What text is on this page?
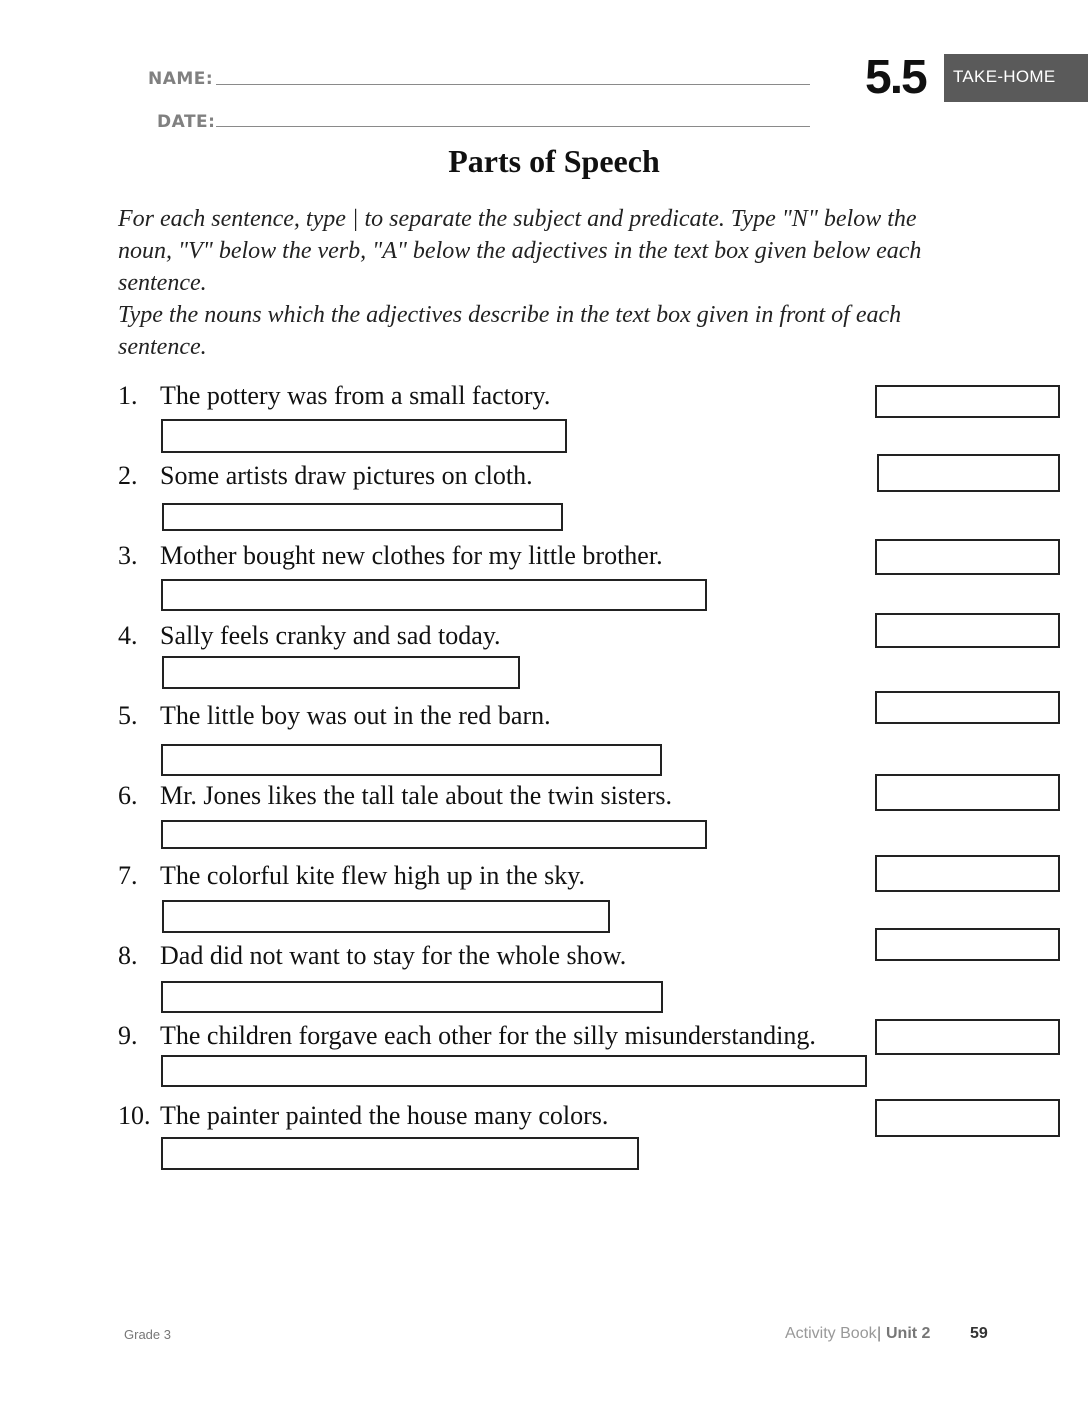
NAME:
DATE:
5.5 TAKE-HOME
Parts of Speech
For each sentence, type | to separate the subject and predicate. Type "N" below the
noun, "V" below the verb, "A" below the adjectives in the text box given below each
sentence.
Type the nouns which the adjectives describe in the text box given in front of each
sentence.
1. The pottery was from a small factory.
2. Some artists draw pictures on cloth.
3. Mother bought new clothes for my little brother.
4. Sally feels cranky and sad today.
5. The little boy was out in the red barn.
6. Mr. Jones likes the tall tale about the twin sisters.
7. The colorful kite flew high up in the sky.
8. Dad did not want to stay for the whole show.
9. The children forgave each other for the silly misunderstanding.
10. The painter painted the house many colors.
Grade 3	Activity Book | Unit 2 59
